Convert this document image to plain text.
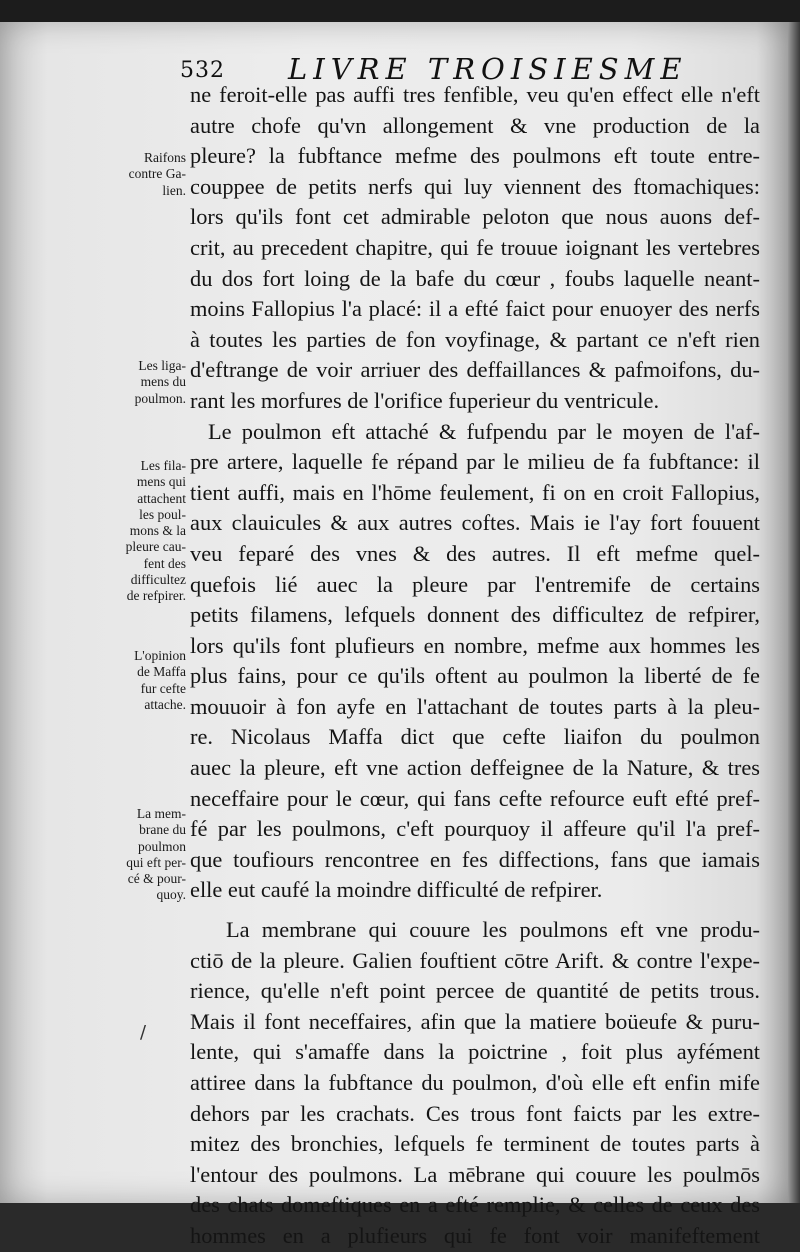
532 LIVRE TROISIESME
Raifons
contre Ga-
lien.
Les liga-
mens du
poulmon.
Les fila-
mens qui
attachent
les poul-
mons & la
pleure cau-
fent des
difficultez
de refpirer.
L'opinion
de Maffa
fur cefte
attache.
La mem-
brane du
poulmon
qui eft per-
cé & pour-
quoy.
/
ne feroit-elle pas auffi tres fenfible, veu qu'en effect elle n'eft
autre chofe qu'vn allongement & vne production de la
pleure? la fubftance mefme des poulmons eft toute entre-
couppee de petits nerfs qui luy viennent des ftomachiques:
lors qu'ils font cet admirable peloton que nous auons def-
crit, au precedent chapitre, qui fe trouue ioignant les vertebres
du dos fort loing de la bafe du cœur , foubs laquelle neant-
moins Fallopius l'a placé: il a efté faict pour enuoyer des nerfs
à toutes les parties de fon voyfinage, & partant ce n'eft rien
d'eftrange de voir arriuer des deffaillances & pafmoifons, du-
rant les morfures de l'orifice fuperieur du ventricule.
Le poulmon eft attaché & fufpendu par le moyen de l'af-
pre artere, laquelle fe répand par le milieu de fa fubftance: il
tient auffi, mais en l'hōme feulement, fi on en croit Fallopius,
aux clauicules & aux autres coftes. Mais ie l'ay fort fouuent
veu feparé des vnes & des autres. Il eft mefme quel-
quefois lié auec la pleure par l'entremife de certains
petits filamens, lefquels donnent des difficultez de refpirer,
lors qu'ils font plufieurs en nombre, mefme aux hommes les
plus fains, pour ce qu'ils oftent au poulmon la liberté de fe
mouuoir à fon ayfe en l'attachant de toutes parts à la pleu-
re. Nicolaus Maffa dict que cefte liaifon du poulmon
auec la pleure, eft vne action deffeignee de la Nature, & tres
neceffaire pour le cœur, qui fans cefte refource euft efté pref-
fé par les poulmons, c'eft pourquoy il affeure qu'il l'a pref-
que toufiours rencontree en fes diffections, fans que iamais
elle eut caufé la moindre difficulté de refpirer.
La membrane qui couure les poulmons eft vne produ-
ctiō de la pleure. Galien fouftient cōtre Arift. & contre l'expe-
rience, qu'elle n'eft point percee de quantité de petits trous.
Mais il font neceffaires, afin que la matiere boüeufe & puru-
lente, qui s'amaffe dans la poictrine , foit plus ayfément
attiree dans la fubftance du poulmon, d'où elle eft enfin mife
dehors par les crachats. Ces trous font faicts par les extre-
mitez des bronchies, lefquels fe terminent de toutes parts à
l'entour des poulmons. La mēbrane qui couure les poulmōs
des chats domeftiques en a efté remplie, & celles de ceux des
hommes en a plufieurs qui fe font voir manifeftement
